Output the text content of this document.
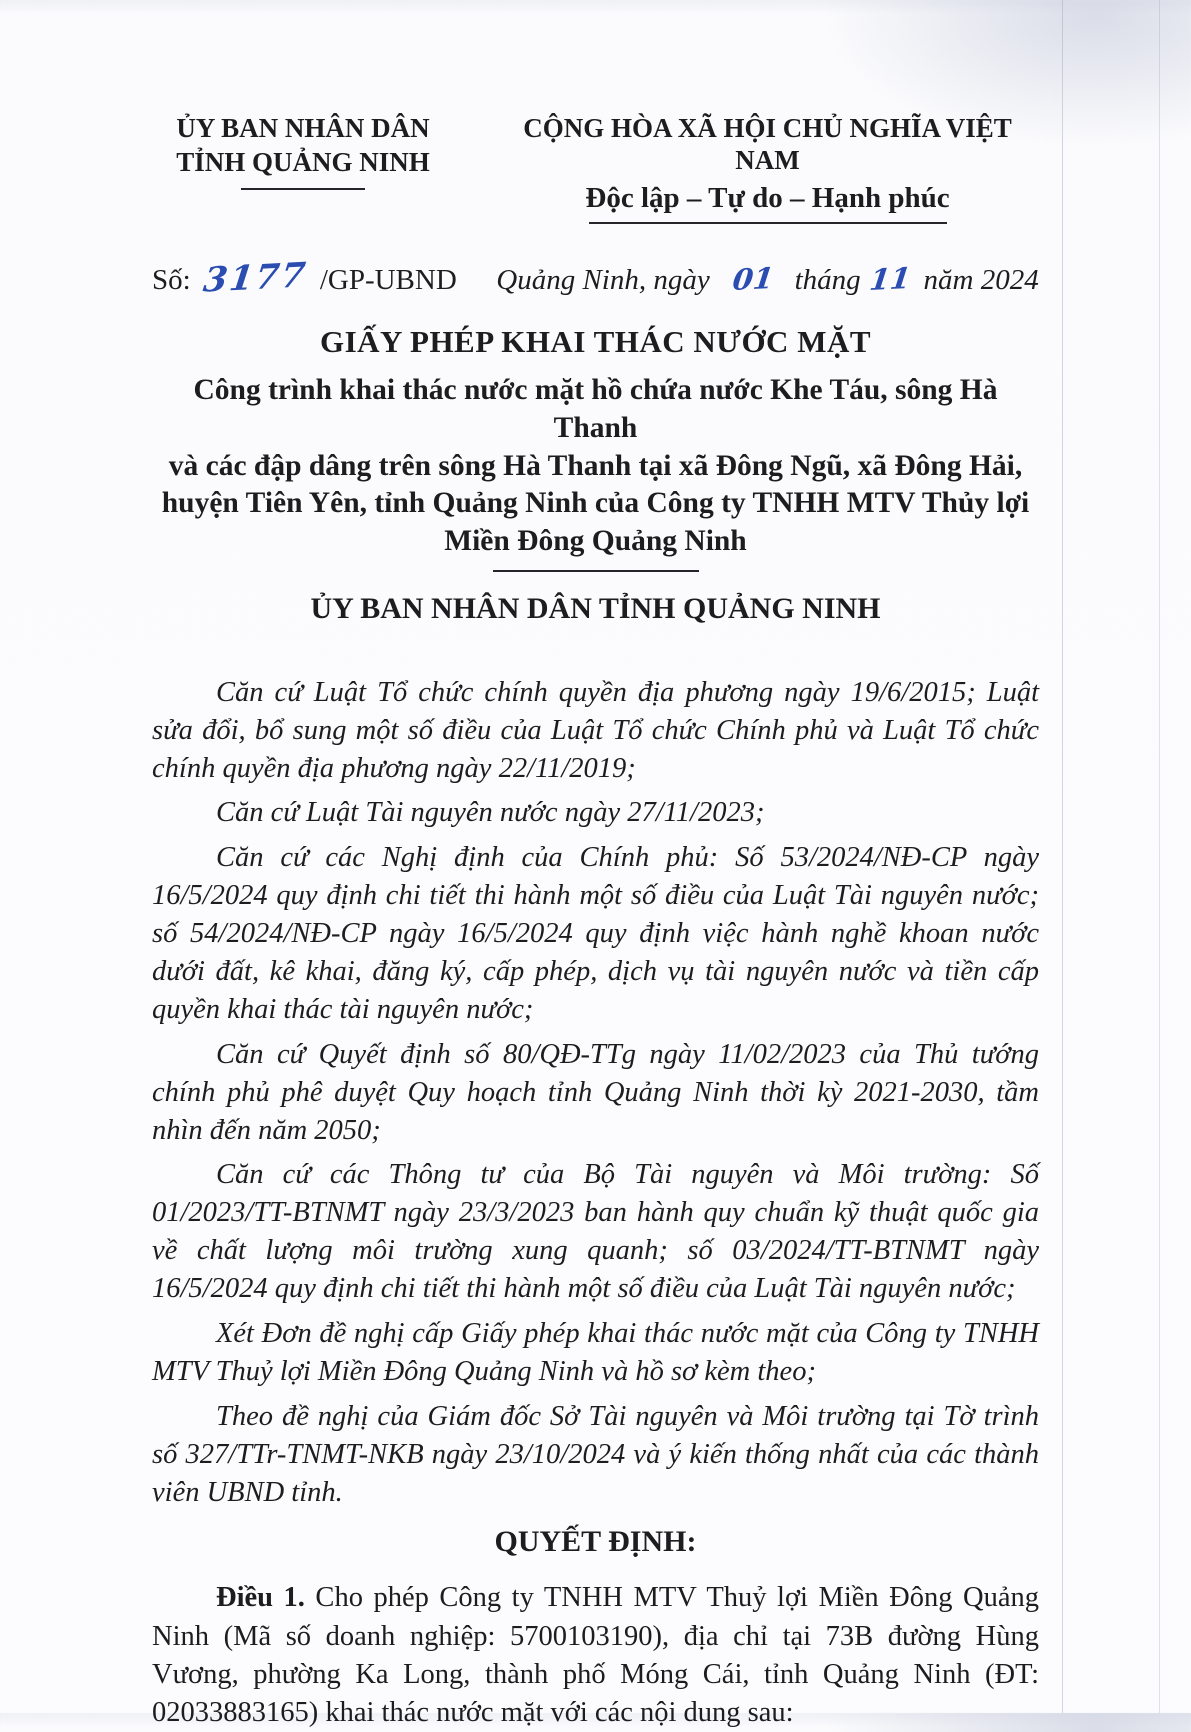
ỦY BAN NHÂN DÂN
TỈNH QUẢNG NINH
CỘNG HÒA XÃ HỘI CHỦ NGHĨA VIỆT NAM
Độc lập – Tự do – Hạnh phúc
Số: 3177 /GP-UBND Quảng Ninh, ngày 01 tháng 11 năm 2024
GIẤY PHÉP KHAI THÁC NƯỚC MẶT
Công trình khai thác nước mặt hồ chứa nước Khe Táu, sông Hà Thanh
và các đập dâng trên sông Hà Thanh tại xã Đông Ngũ, xã Đông Hải,
huyện Tiên Yên, tỉnh Quảng Ninh của Công ty TNHH MTV Thủy lợi
Miền Đông Quảng Ninh
ỦY BAN NHÂN DÂN TỈNH QUẢNG NINH

Căn cứ Luật Tổ chức chính quyền địa phương ngày 19/6/2015; Luật sửa đổi, bổ sung một số điều của Luật Tổ chức Chính phủ và Luật Tổ chức chính quyền địa phương ngày 22/11/2019;

Căn cứ Luật Tài nguyên nước ngày 27/11/2023;

Căn cứ các Nghị định của Chính phủ: Số 53/2024/NĐ-CP ngày 16/5/2024 quy định chi tiết thi hành một số điều của Luật Tài nguyên nước; số 54/2024/NĐ-CP ngày 16/5/2024 quy định việc hành nghề khoan nước dưới đất, kê khai, đăng ký, cấp phép, dịch vụ tài nguyên nước và tiền cấp quyền khai thác tài nguyên nước;

Căn cứ Quyết định số 80/QĐ-TTg ngày 11/02/2023 của Thủ tướng chính phủ phê duyệt Quy hoạch tỉnh Quảng Ninh thời kỳ 2021-2030, tầm nhìn đến năm 2050;

Căn cứ các Thông tư của Bộ Tài nguyên và Môi trường: Số 01/2023/TT-BTNMT ngày 23/3/2023 ban hành quy chuẩn kỹ thuật quốc gia về chất lượng môi trường xung quanh; số 03/2024/TT-BTNMT ngày 16/5/2024 quy định chi tiết thi hành một số điều của Luật Tài nguyên nước;

Xét Đơn đề nghị cấp Giấy phép khai thác nước mặt của Công ty TNHH MTV Thuỷ lợi Miền Đông Quảng Ninh và hồ sơ kèm theo;

Theo đề nghị của Giám đốc Sở Tài nguyên và Môi trường tại Tờ trình số 327/TTr-TNMT-NKB ngày 23/10/2024 và ý kiến thống nhất của các thành viên UBND tỉnh.

QUYẾT ĐỊNH:

Điều 1. Cho phép Công ty TNHH MTV Thuỷ lợi Miền Đông Quảng Ninh (Mã số doanh nghiệp: 5700103190), địa chỉ tại 73B đường Hùng Vương, phường Ka Long, thành phố Móng Cái, tỉnh Quảng Ninh (ĐT: 02033883165) khai thác nước mặt với các nội dung sau:
